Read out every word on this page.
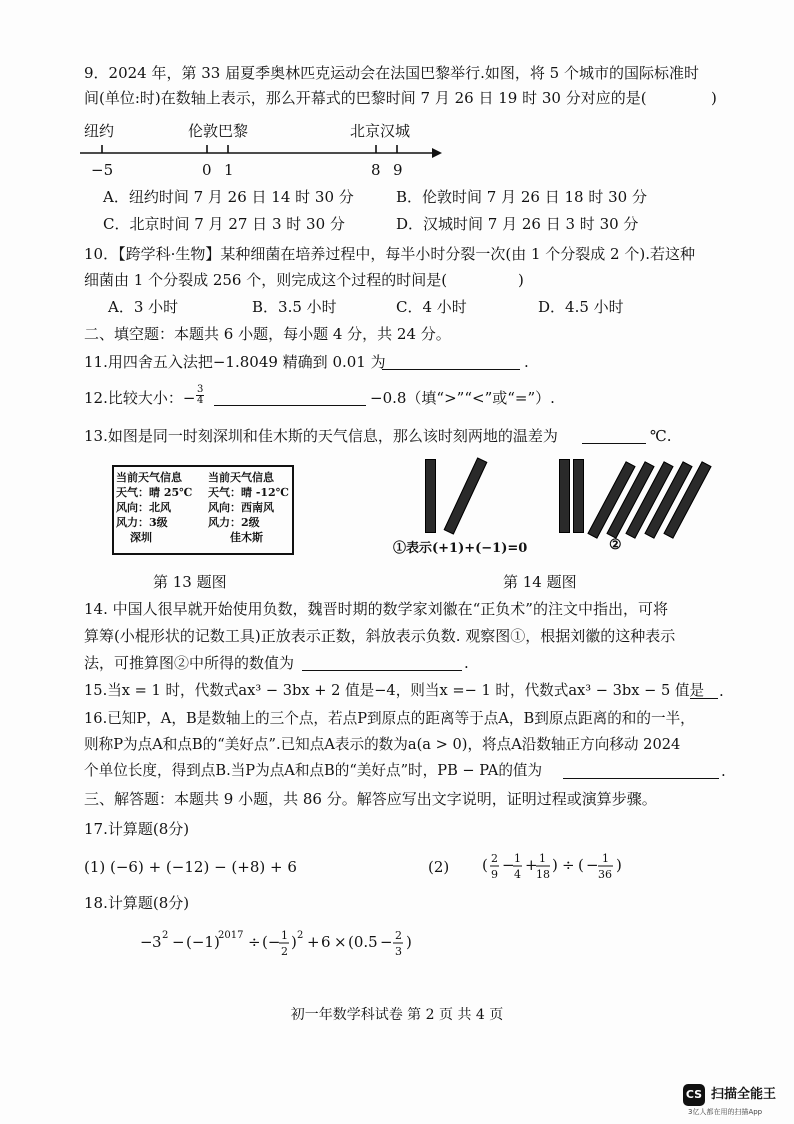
9．2024 年，第 33 届夏季奥林匹克运动会在法国巴黎举行.如图，将 5 个城市的国际标准时
间(单位:时)在数轴上表示，那么开幕式的巴黎时间 7 月 26 日 19 时 30 分对应的是(	)
纽约	伦敦巴黎	北京汉城
−5	0 1	8 9
A．纽约时间 7 月 26 日 14 时 30 分	B．伦敦时间 7 月 26 日 18 时 30 分
C．北京时间 7 月 27 日 3 时 30 分	D．汉城时间 7 月 26 日 3 时 30 分
10．【跨学科·生物】某种细菌在培养过程中，每半小时分裂一次(由 1 个分裂成 2 个).若这种
细菌由 1 个分裂成 256 个，则完成这个过程的时间是(	)
A．3 小时	B．3.5 小时	C．4 小时	D．4.5 小时
二、填空题：本题共 6 小题，每小题 4 分，共 24 分。
11.用四舍五入法把−1.8049 精确到 0.01 为	.
12.比较大小：− $\frac{3}{4}$	−0.8（填“>”“<”或“=”）.
13.如图是同一时刻深圳和佳木斯的天气信息，那么该时刻两地的温差为	℃.
当前天气信息
天气：晴 25℃
风向：北风
风力：3级
深圳
当前天气信息
天气：晴 -12℃
风向：西南风
风力：2级
佳木斯
①表示(+1)+(−1)=0	②
第 13 题图	第 14 题图
14. 中国人很早就开始使用负数，魏晋时期的数学家刘徽在“正负术”的注文中指出，可将
算筹(小棍形状的记数工具)正放表示正数，斜放表示负数. 观察图①，根据刘徽的这种表示
法，可推算图②中所得的数值为	.
15.当x = 1 时，代数式ax³ − 3bx + 2 值是−4，则当x =− 1 时，代数式ax³ − 3bx − 5 值是 .
16.已知P，A，B是数轴上的三个点，若点P到原点的距离等于点A，B到原点距离的和的一半，
则称P为点A和点B的“美好点”.已知点A表示的数为a(a > 0)，将点A沿数轴正方向移动 2024
个单位长度，得到点B.当P为点A和点B的“美好点”时，PB − PA的值为	.
三、解答题：本题共 9 小题，共 86 分。解答应写出文字说明，证明过程或演算步骤。
17.计算题(8分)
(1) (−6) + (−12) − (+8) + 6	(2) ( 2
9
− 1
4
+ 1
18
) ÷ ( − 1
36
)
18.计算题(8分)
− 3 2 − (−1)
2017 ÷ (− 1
2
) 2 + 6 × (0.5 − 2
3
)
初一年数学科试卷 第 2 页 共 4 页
CS 扫描全能王
3亿人都在用的扫描App
